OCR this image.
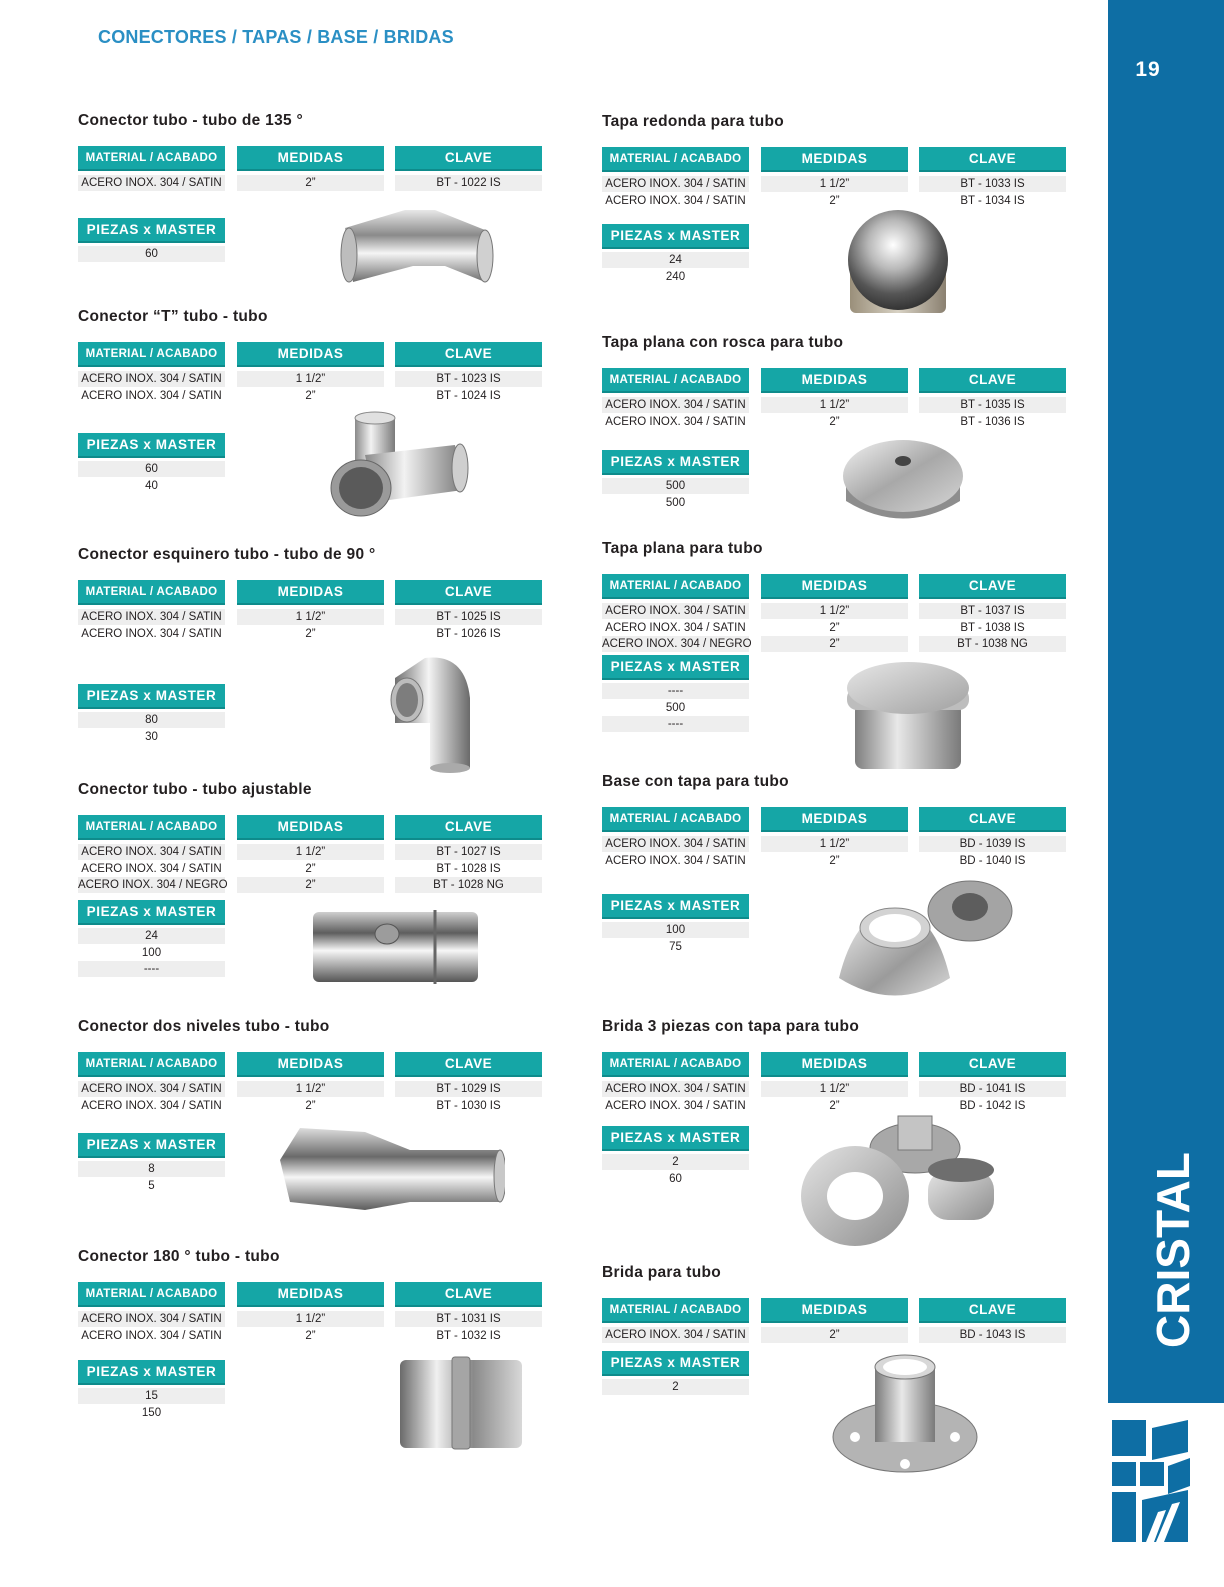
CONECTORES / TAPAS / BASE / BRIDAS
19
CRISTAL
Conector tubo - tubo de 135 °
MATERIAL / ACABADO	MEDIDAS	CLAVE
ACERO INOX. 304 / SATIN	2”	BT - 1022 IS
PIEZAS x MASTER
60
Conector “T” tubo - tubo
MATERIAL / ACABADO	MEDIDAS	CLAVE
ACERO INOX. 304 / SATIN	1 1/2”	BT - 1023 IS
ACERO INOX. 304 / SATIN	2”	BT - 1024 IS
PIEZAS x MASTER
60
40
Conector esquinero tubo - tubo de 90 °
MATERIAL / ACABADO	MEDIDAS	CLAVE
ACERO INOX. 304 / SATIN	1 1/2”	BT - 1025 IS
ACERO INOX. 304 / SATIN	2”	BT - 1026 IS
PIEZAS x MASTER
80
30
Conector tubo - tubo ajustable
MATERIAL / ACABADO	MEDIDAS	CLAVE
ACERO INOX. 304 / SATIN	1 1/2”	BT - 1027 IS
ACERO INOX. 304 / SATIN	2”	BT - 1028 IS
ACERO INOX. 304 / NEGRO	2”	BT - 1028 NG
PIEZAS x MASTER
24
100
----
Conector dos niveles tubo - tubo
MATERIAL / ACABADO	MEDIDAS	CLAVE
ACERO INOX. 304 / SATIN	1 1/2”	BT - 1029 IS
ACERO INOX. 304 / SATIN	2”	BT - 1030 IS
PIEZAS x MASTER
8
5
Conector 180 ° tubo - tubo
MATERIAL / ACABADO	MEDIDAS	CLAVE
ACERO INOX. 304 / SATIN	1 1/2”	BT - 1031 IS
ACERO INOX. 304 / SATIN	2”	BT - 1032 IS
PIEZAS x MASTER
15
150
Tapa redonda para tubo
MATERIAL / ACABADO	MEDIDAS	CLAVE
ACERO INOX. 304 / SATIN	1 1/2”	BT - 1033 IS
ACERO INOX. 304 / SATIN	2”	BT - 1034 IS
PIEZAS x MASTER
24
240
Tapa plana con rosca para tubo
MATERIAL / ACABADO	MEDIDAS	CLAVE
ACERO INOX. 304 / SATIN	1 1/2”	BT - 1035 IS
ACERO INOX. 304 / SATIN	2”	BT - 1036 IS
PIEZAS x MASTER
500
500
Tapa plana para tubo
MATERIAL / ACABADO	MEDIDAS	CLAVE
ACERO INOX. 304 / SATIN	1 1/2”	BT - 1037 IS
ACERO INOX. 304 / SATIN	2”	BT - 1038 IS
ACERO INOX. 304 / NEGRO	2”	BT - 1038 NG
PIEZAS x MASTER
----
500
----
Base con tapa para tubo
MATERIAL / ACABADO	MEDIDAS	CLAVE
ACERO INOX. 304 / SATIN	1 1/2”	BD - 1039 IS
ACERO INOX. 304 / SATIN	2”	BD - 1040 IS
PIEZAS x MASTER
100
75
Brida 3 piezas con tapa para tubo
MATERIAL / ACABADO	MEDIDAS	CLAVE
ACERO INOX. 304 / SATIN	1 1/2”	BD - 1041 IS
ACERO INOX. 304 / SATIN	2”	BD - 1042 IS
PIEZAS x MASTER
2
60
Brida para tubo
MATERIAL / ACABADO	MEDIDAS	CLAVE
ACERO INOX. 304 / SATIN	2”	BD - 1043 IS
PIEZAS x MASTER
2
